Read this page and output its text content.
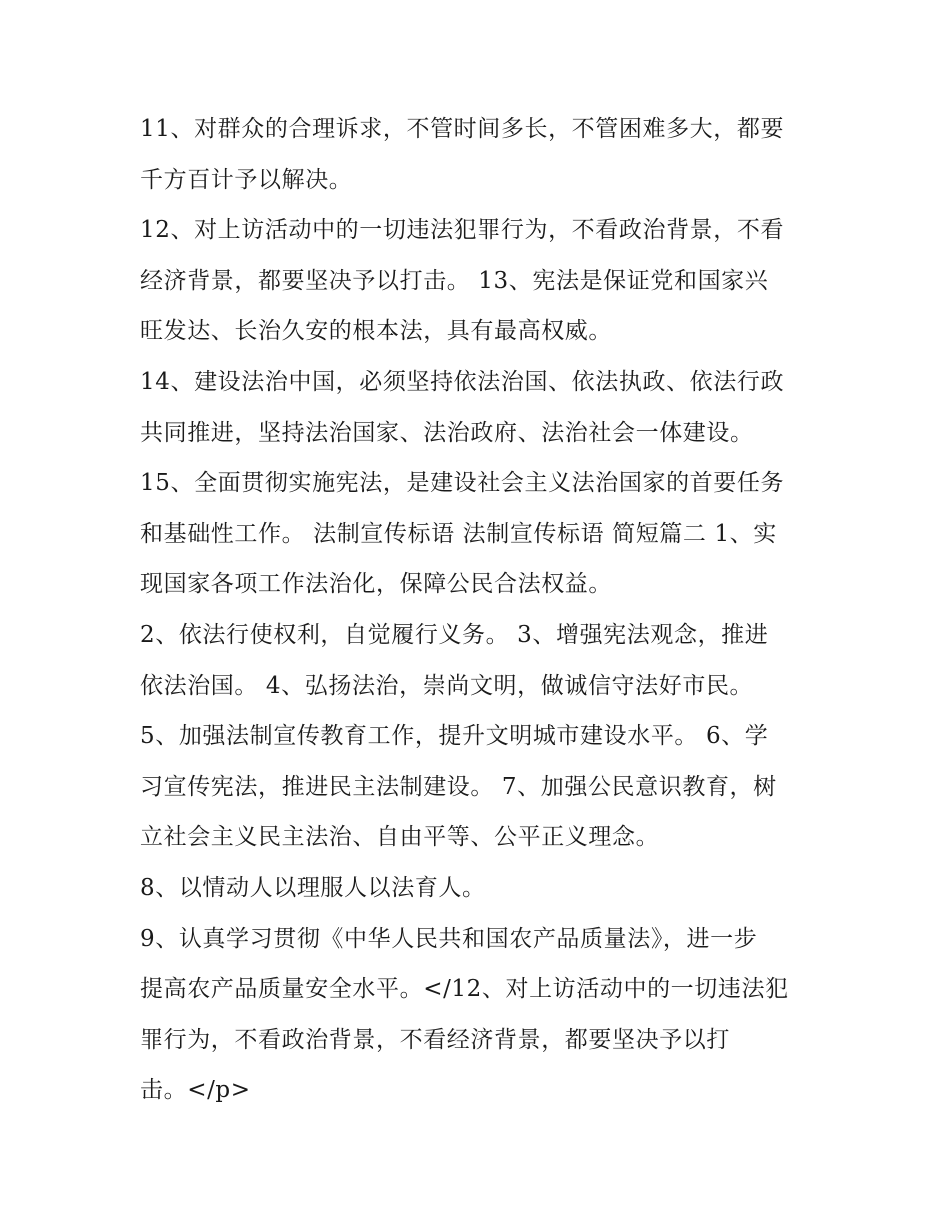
11、对群众的合理诉求，不管时间多长，不管困难多大，都要
千方百计予以解决。

12、对上访活动中的一切违法犯罪行为，不看政治背景，不看
经济背景，都要坚决予以打击。 13、宪法是保证党和国家兴
旺发达、长治久安的根本法，具有最高权威。

14、建设法治中国，必须坚持依法治国、依法执政、依法行政
共同推进，坚持法治国家、法治政府、法治社会一体建设。

15、全面贯彻实施宪法，是建设社会主义法治国家的首要任务
和基础性工作。 法制宣传标语 法制宣传标语 简短篇二 1、实
现国家各项工作法治化，保障公民合法权益。

2、依法行使权利，自觉履行义务。 3、增强宪法观念，推进
依法治国。 4、弘扬法治，崇尚文明，做诚信守法好市民。

5、加强法制宣传教育工作，提升文明城市建设水平。 6、学
习宣传宪法，推进民主法制建设。 7、加强公民意识教育，树
立社会主义民主法治、自由平等、公平正义理念。

8、以情动人以理服人以法育人。

9、认真学习贯彻《中华人民共和国农产品质量法》，进一步
提高农产品质量安全水平。</12、对上访活动中的一切违法犯
罪行为，不看政治背景，不看经济背景，都要坚决予以打
击。</p>
